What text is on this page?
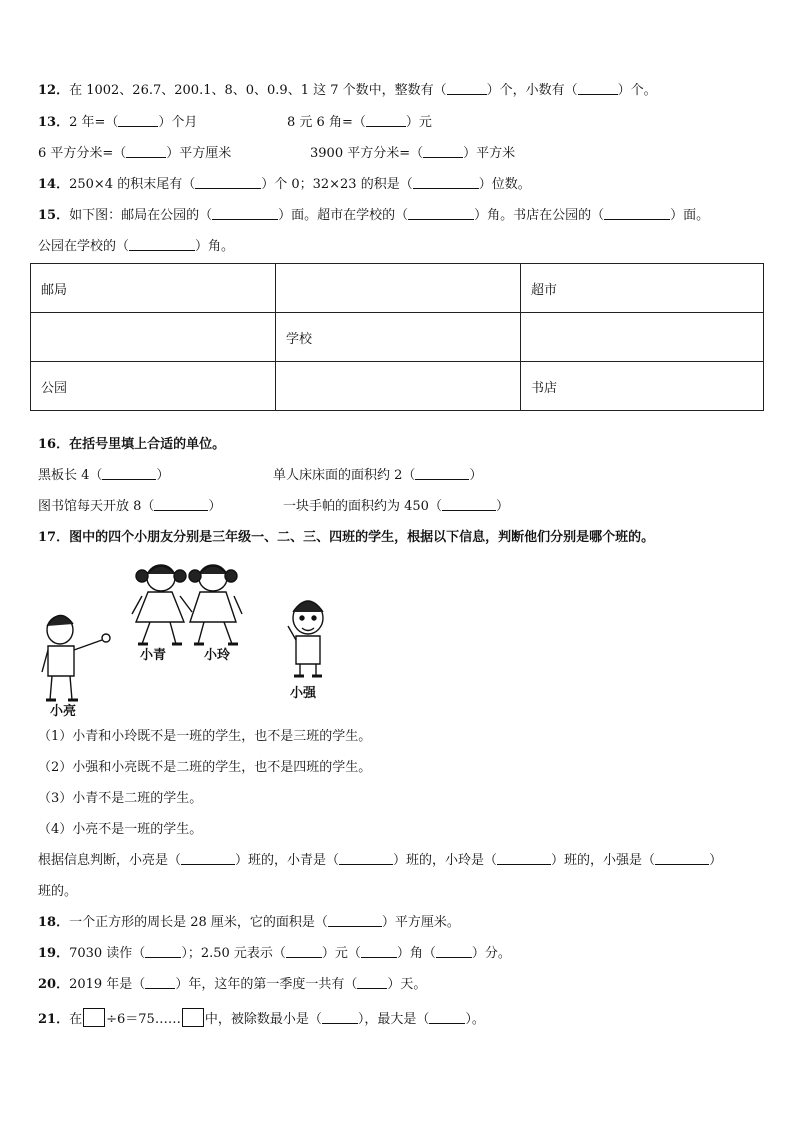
12．在 1002、26.7、200.1、8、0、0.9、1 这 7 个数中，整数有（	）个，小数有（	）个。
13．2 年=（	）个月	8 元 6 角=（	）元
6 平方分米=（	）平方厘米	3900 平方分米=（	）平方米
14．250×4 的积末尾有（	）个 0；32×23 的积是（	）位数。
15．如下图：邮局在公园的（	）面。超市在学校的（	）角。书店在公园的（	）面。
公园在学校的（	）角。
邮局		超市
	学校	
公园		书店
16．在括号里填上合适的单位。
黑板长 4（	）	单人床床面的面积约 2（	）
图书馆每天开放 8（	）	一块手帕的面积约为 450（	）
17．图中的四个小朋友分别是三年级一、二、三、四班的学生，根据以下信息，判断他们分别是哪个班的。
小青	小玲
小亮
小强
（1）小青和小玲既不是一班的学生，也不是三班的学生。
（2）小强和小亮既不是二班的学生，也不是四班的学生。
（3）小青不是二班的学生。
（4）小亮不是一班的学生。
根据信息判断，小亮是（	）班的，小青是（	）班的，小玲是（	）班的，小强是（	）
班的。
18．一个正方形的周长是 28 厘米，它的面积是（	）平方厘米。
19．7030 读作（	）；2.50 元表示（	）元（	）角（	）分。
20．2019 年是（ ）年，这年的第一季度一共有（ ）天。
21．在 ÷6＝75…… 中，被除数最小是（	），最大是（	）。
